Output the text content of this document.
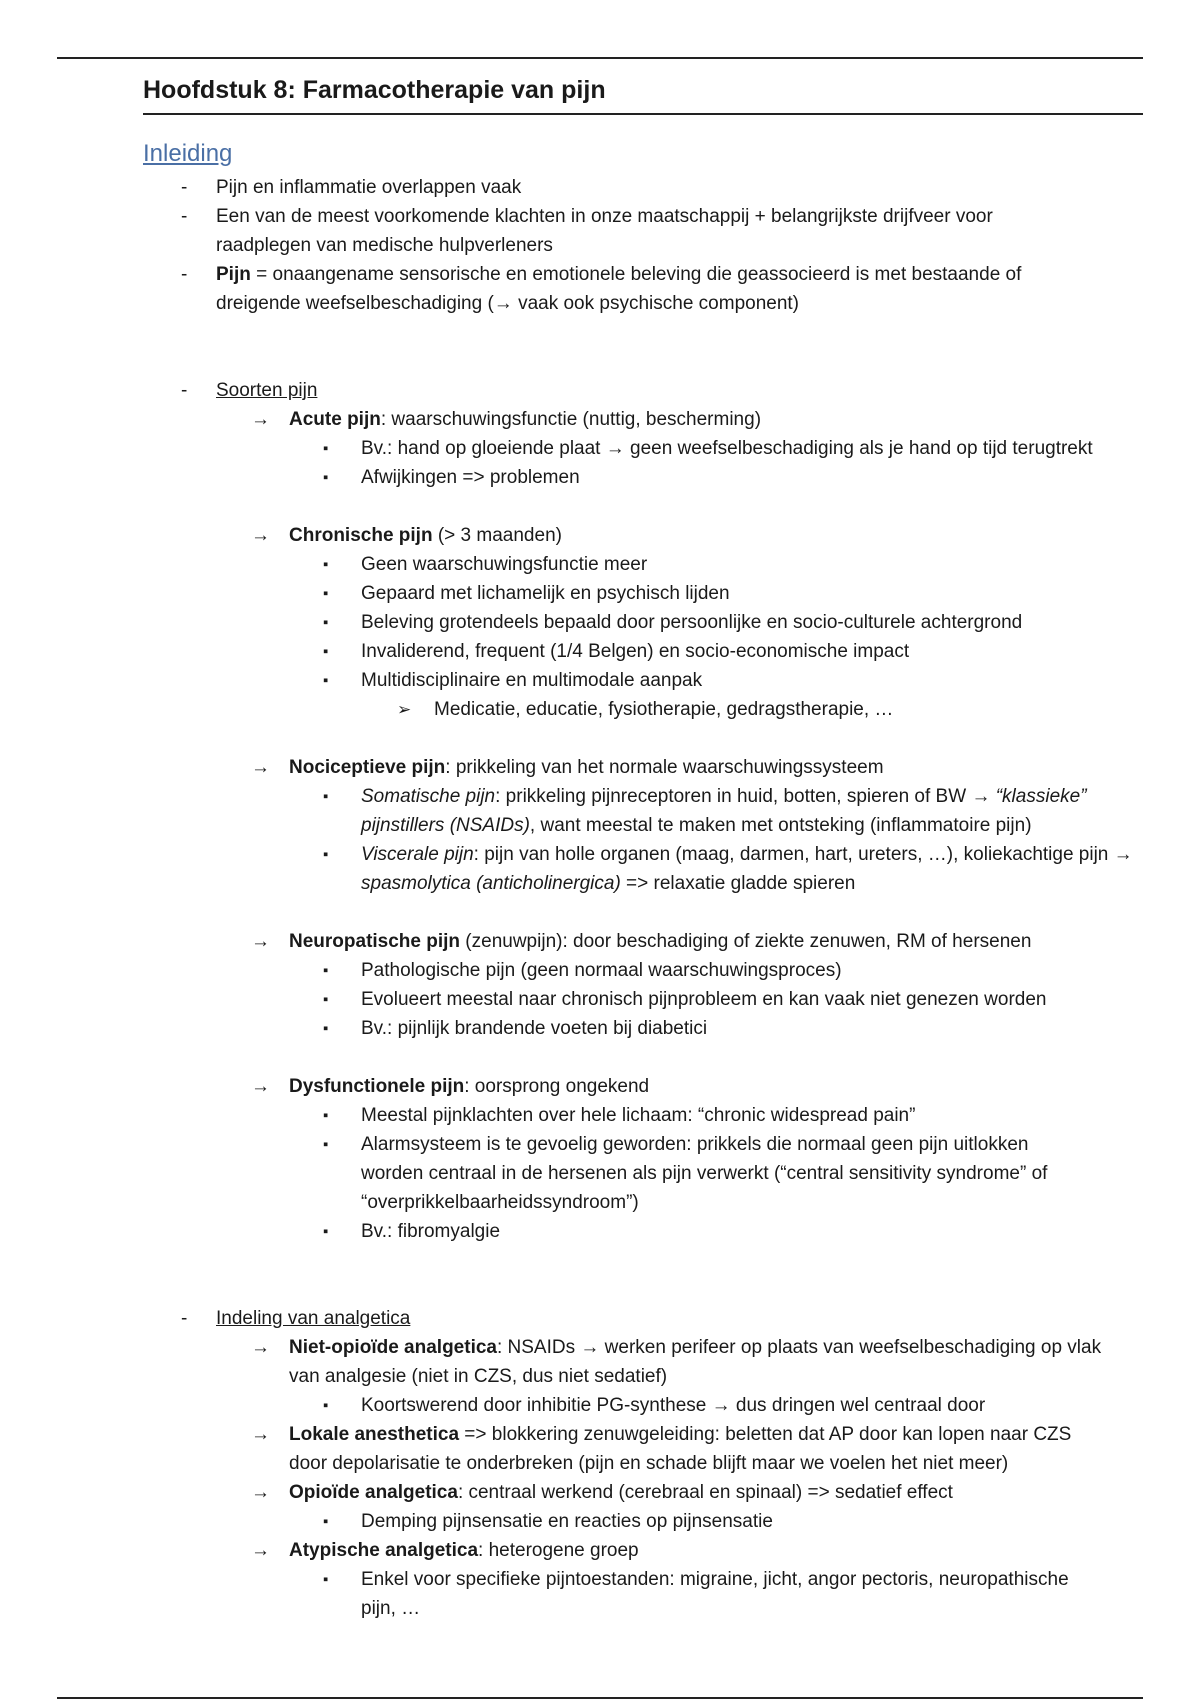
Hoofdstuk 8: Farmacotherapie van pijn
Inleiding
- Pijn en inflammatie overlappen vaak
- Een van de meest voorkomende klachten in onze maatschappij + belangrijkste drijfveer voor
raadplegen van medische hulpverleners
- Pijn = onaangename sensorische en emotionele beleving die geassocieerd is met bestaande of
dreigende weefselbeschadiging (→ vaak ook psychische component)
- Soorten pijn
→ Acute pijn: waarschuwingsfunctie (nuttig, bescherming)
▪ Bv.: hand op gloeiende plaat → geen weefselbeschadiging als je hand op tijd terugtrekt
▪ Afwijkingen => problemen
→ Chronische pijn (> 3 maanden)
▪ Geen waarschuwingsfunctie meer
▪ Gepaard met lichamelijk en psychisch lijden
▪ Beleving grotendeels bepaald door persoonlijke en socio-culturele achtergrond
▪ Invaliderend, frequent (1/4 Belgen) en socio-economische impact
▪ Multidisciplinaire en multimodale aanpak
➢ Medicatie, educatie, fysiotherapie, gedragstherapie, …
→ Nociceptieve pijn: prikkeling van het normale waarschuwingssysteem
▪ Somatische pijn: prikkeling pijnreceptoren in huid, botten, spieren of BW → “klassieke” pijnstillers (NSAIDs), want meestal te maken met ontsteking (inflammatoire pijn)
▪ Viscerale pijn: pijn van holle organen (maag, darmen, hart, ureters, …), koliekachtige pijn → spasmolytica (anticholinergica) => relaxatie gladde spieren
→ Neuropatische pijn (zenuwpijn): door beschadiging of ziekte zenuwen, RM of hersenen
▪ Pathologische pijn (geen normaal waarschuwingsproces)
▪ Evolueert meestal naar chronisch pijnprobleem en kan vaak niet genezen worden
▪ Bv.: pijnlijk brandende voeten bij diabetici
→ Dysfunctionele pijn: oorsprong ongekend
▪ Meestal pijnklachten over hele lichaam: “chronic widespread pain”
▪ Alarmsysteem is te gevoelig geworden: prikkels die normaal geen pijn uitlokken
worden centraal in de hersenen als pijn verwerkt (“central sensitivity syndrome” of
“overprikkelbaarheidssyndroom”)
▪ Bv.: fibromyalgie
- Indeling van analgetica
→ Niet-opioïde analgetica: NSAIDs → werken perifeer op plaats van weefselbeschadiging op vlak
van analgesie (niet in CZS, dus niet sedatief)
▪ Koortswerend door inhibitie PG-synthese → dus dringen wel centraal door
→ Lokale anesthetica => blokkering zenuwgeleiding: beletten dat AP door kan lopen naar CZS
door depolarisatie te onderbreken (pijn en schade blijft maar we voelen het niet meer)
→ Opioïde analgetica: centraal werkend (cerebraal en spinaal) => sedatief effect
▪ Demping pijnsensatie en reacties op pijnsensatie
→ Atypische analgetica: heterogene groep
▪ Enkel voor specifieke pijntoestanden: migraine, jicht, angor pectoris, neuropathische
pijn, …
